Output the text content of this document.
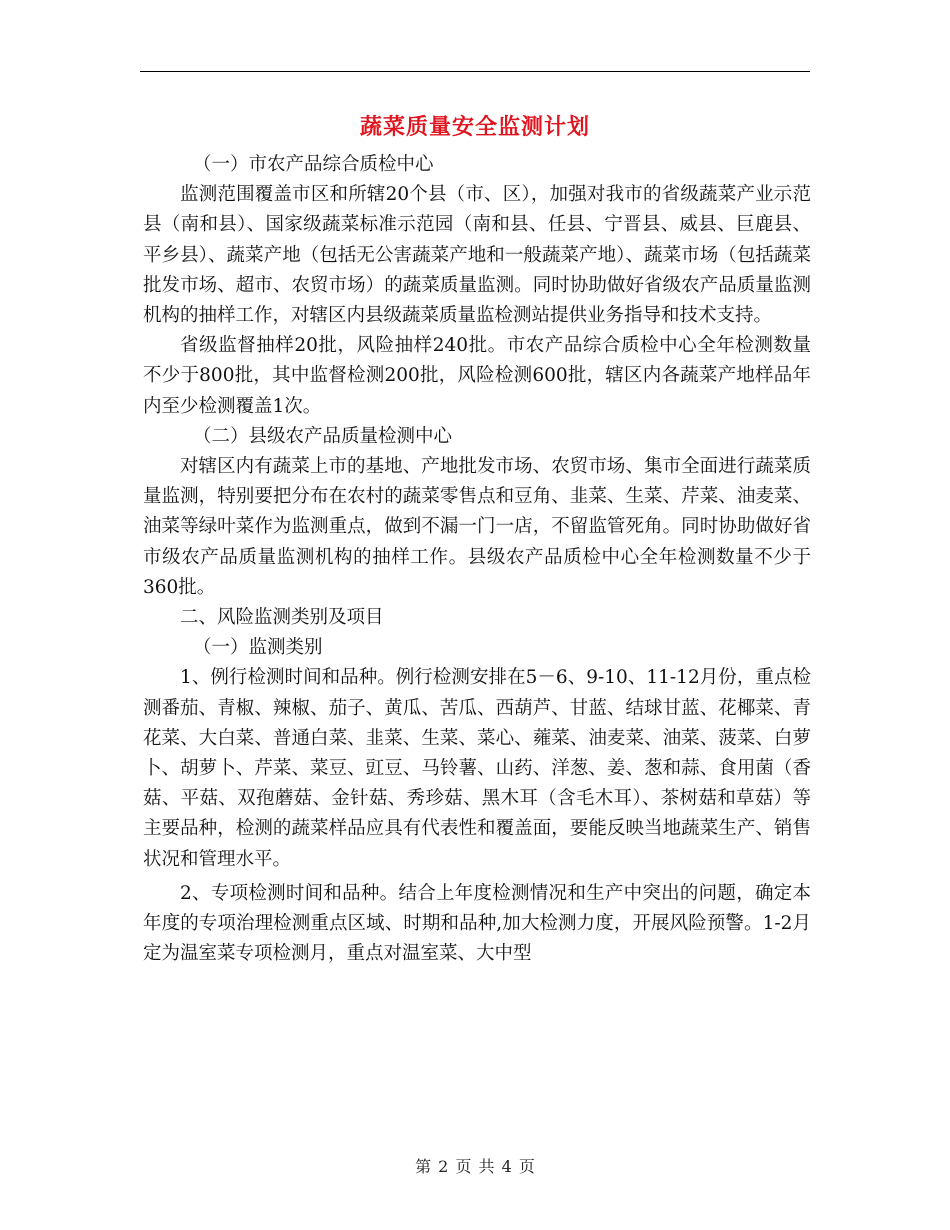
蔬菜质量安全监测计划

（一）市农产品综合质检中心

监测范围覆盖市区和所辖20个县（市、区），加强对我市的省级蔬菜产业示范县（南和县）、国家级蔬菜标准示范园（南和县、任县、宁晋县、威县、巨鹿县、平乡县）、蔬菜产地（包括无公害蔬菜产地和一般蔬菜产地）、蔬菜市场（包括蔬菜批发市场、超市、农贸市场）的蔬菜质量监测。同时协助做好省级农产品质量监测机构的抽样工作，对辖区内县级蔬菜质量监检测站提供业务指导和技术支持。

省级监督抽样20批，风险抽样240批。市农产品综合质检中心全年检测数量不少于800批，其中监督检测200批，风险检测600批，辖区内各蔬菜产地样品年内至少检测覆盖1次。

（二）县级农产品质量检测中心

对辖区内有蔬菜上市的基地、产地批发市场、农贸市场、集市全面进行蔬菜质量监测，特别要把分布在农村的蔬菜零售点和豆角、韭菜、生菜、芹菜、油麦菜、油菜等绿叶菜作为监测重点，做到不漏一门一店，不留监管死角。同时协助做好省市级农产品质量监测机构的抽样工作。县级农产品质检中心全年检测数量不少于360批。

二、风险监测类别及项目

（一）监测类别

1、例行检测时间和品种。例行检测安排在5－6、9-10、11-12月份，重点检测番茄、青椒、辣椒、茄子、黄瓜、苦瓜、西葫芦、甘蓝、结球甘蓝、花椰菜、青花菜、大白菜、普通白菜、韭菜、生菜、菜心、蕹菜、油麦菜、油菜、菠菜、白萝卜、胡萝卜、芹菜、菜豆、豇豆、马铃薯、山药、洋葱、姜、葱和蒜、食用菌（香菇、平菇、双孢蘑菇、金针菇、秀珍菇、黑木耳（含毛木耳）、茶树菇和草菇）等主要品种，检测的蔬菜样品应具有代表性和覆盖面，要能反映当地蔬菜生产、销售状况和管理水平。

2、专项检测时间和品种。结合上年度检测情况和生产中突出的问题，确定本年度的专项治理检测重点区域、时期和品种,加大检测力度，开展风险预警。1-2月定为温室菜专项检测月，重点对温室菜、大中型

第 2 页 共 4 页
